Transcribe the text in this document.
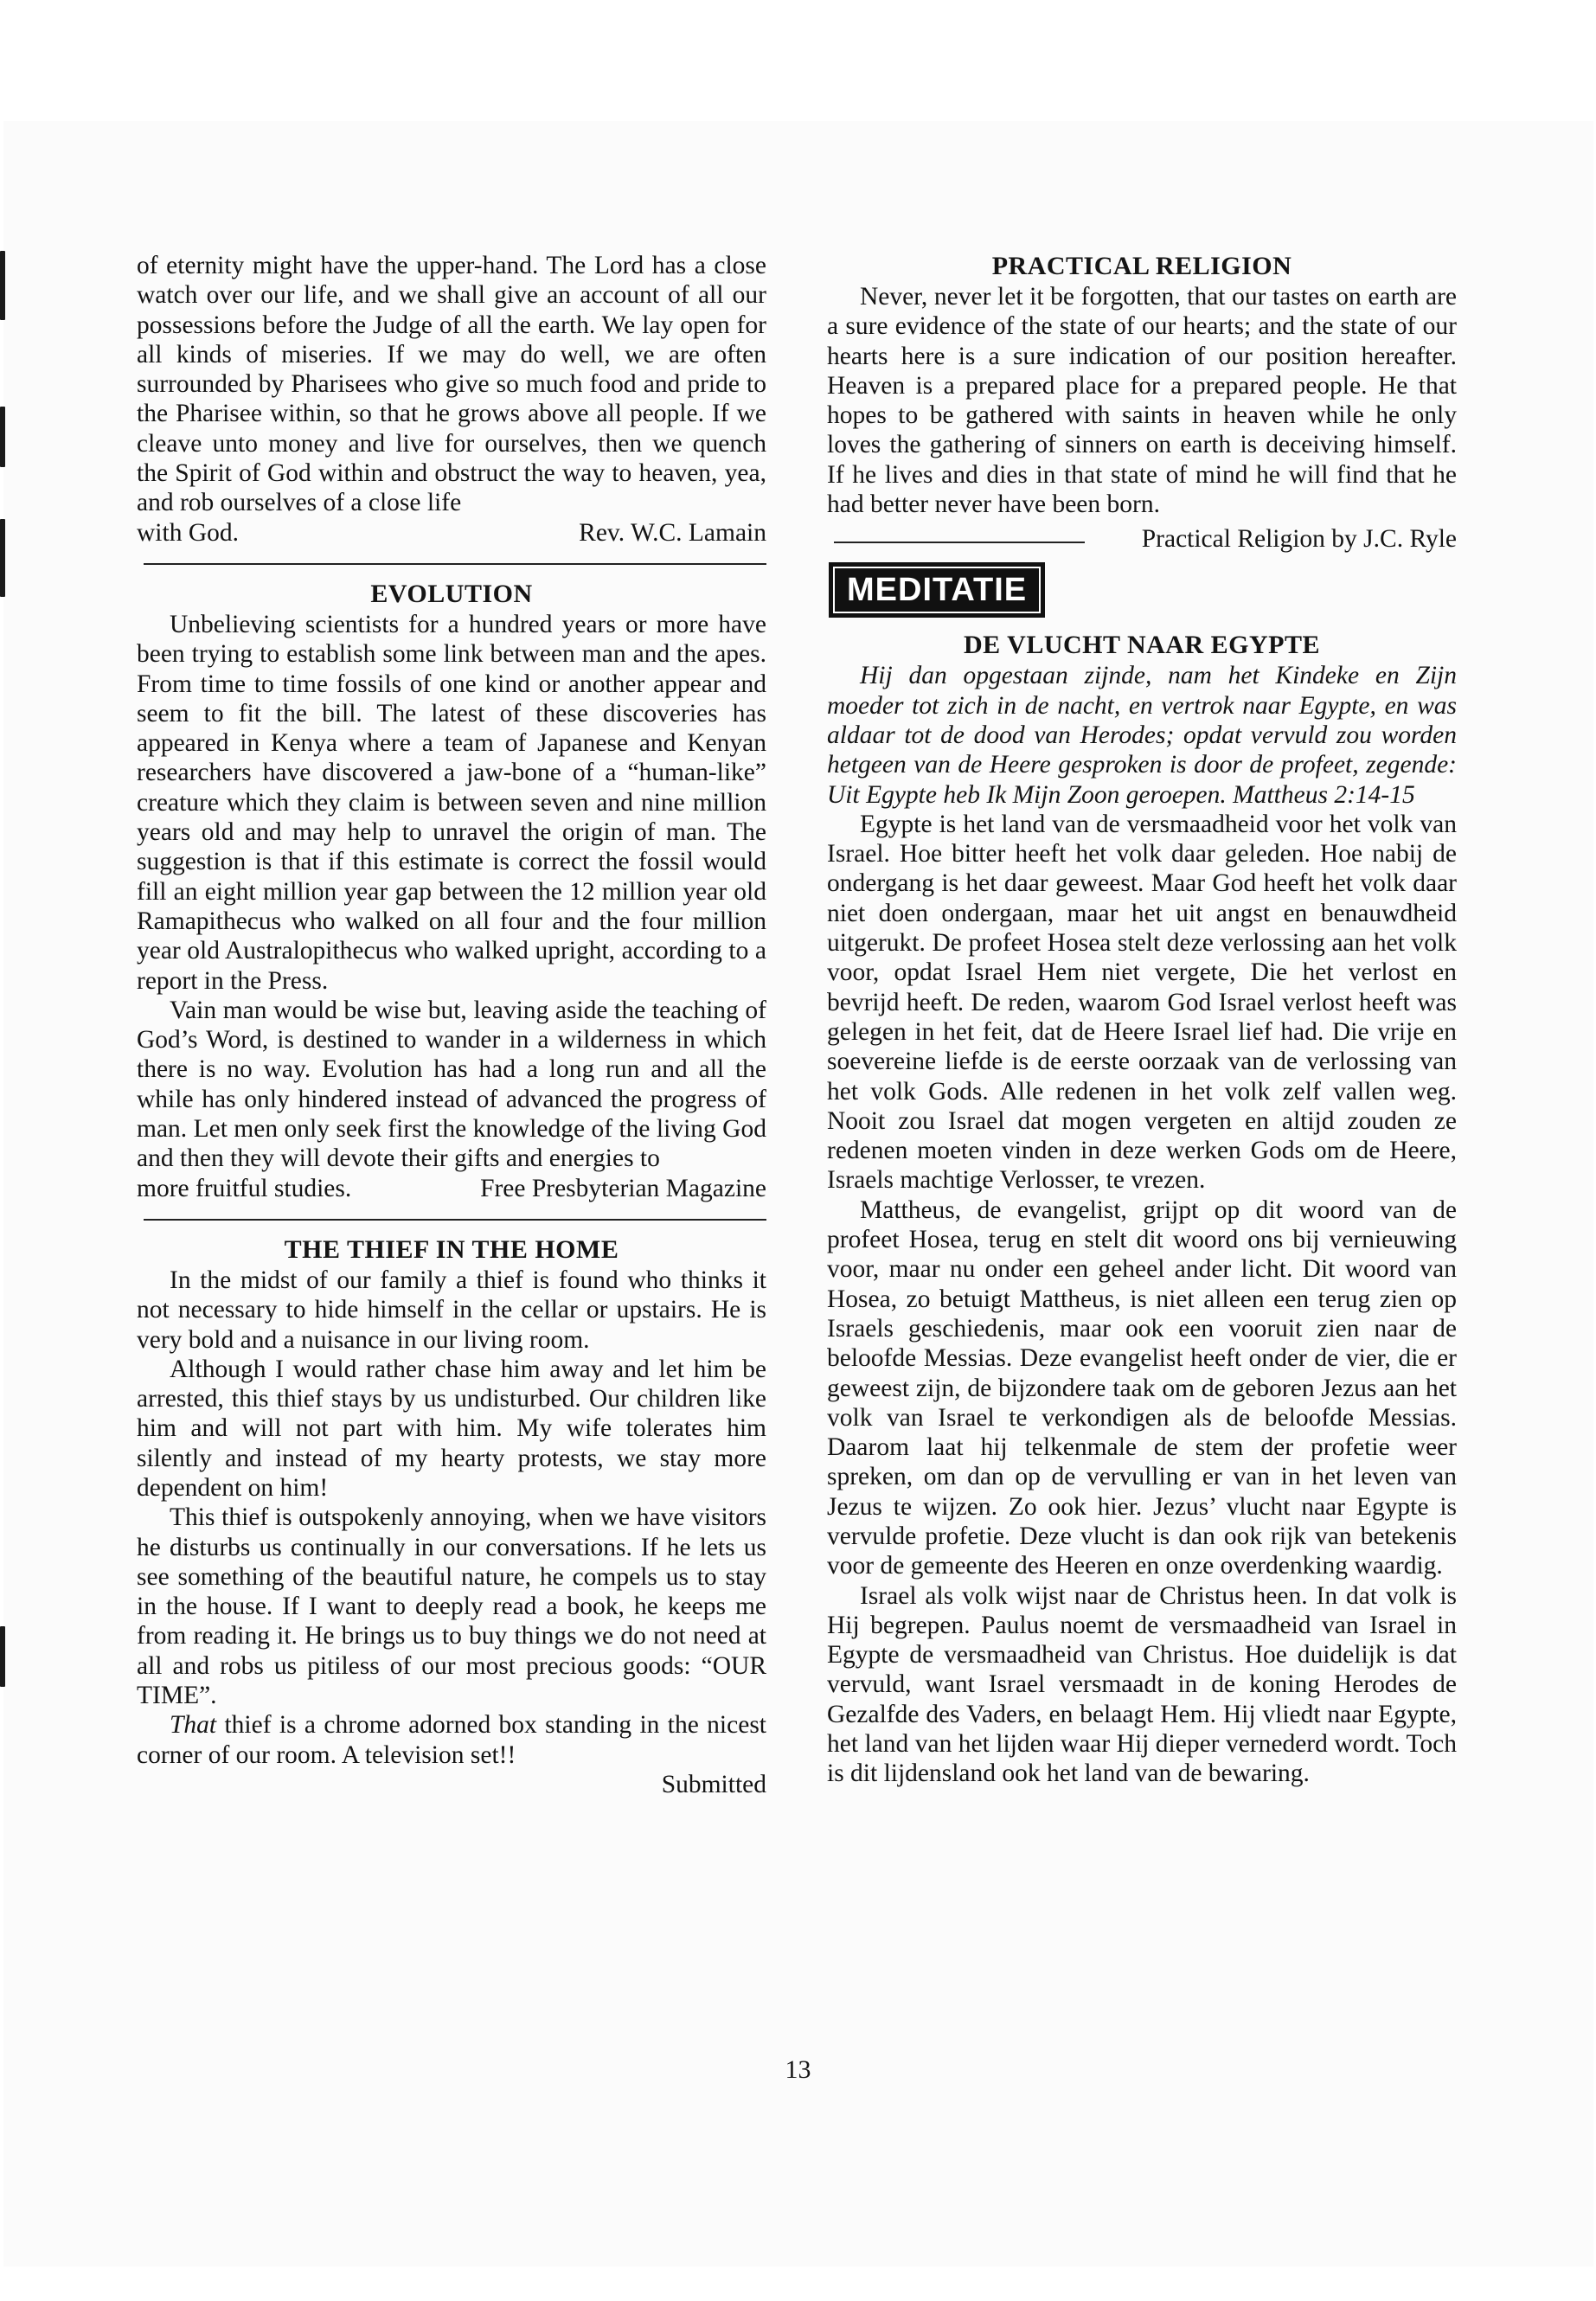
of eternity might have the upper-hand. The Lord has a close watch over our life, and we shall give an account of all our possessions before the Judge of all the earth. We lay open for all kinds of miseries. If we may do well, we are often surrounded by Pharisees who give so much food and pride to the Pharisee within, so that he grows above all people. If we cleave unto money and live for ourselves, then we quench the Spirit of God within and obstruct the way to heaven, yea, and rob ourselves of a close life

with God.	Rev. W.C. Lamain
EVOLUTION

Unbelieving scientists for a hundred years or more have been trying to establish some link between man and the apes. From time to time fossils of one kind or another appear and seem to fit the bill. The latest of these discoveries has appeared in Kenya where a team of Japanese and Kenyan researchers have discovered a jaw-bone of a “human-like” creature which they claim is between seven and nine million years old and may help to unravel the origin of man. The suggestion is that if this estimate is correct the fossil would fill an eight million year gap between the 12 million year old Ramapithecus who walked on all four and the four million year old Australopithecus who walked upright, according to a report in the Press.

Vain man would be wise but, leaving aside the teaching of God’s Word, is destined to wander in a wilderness in which there is no way. Evolution has had a long run and all the while has only hindered instead of advanced the progress of man. Let men only seek first the knowledge of the living God and then they will devote their gifts and energies to

more fruitful studies.	Free Presbyterian Magazine
THE THIEF IN THE HOME

In the midst of our family a thief is found who thinks it not necessary to hide himself in the cellar or upstairs. He is very bold and a nuisance in our living room.

Although I would rather chase him away and let him be arrested, this thief stays by us undisturbed. Our children like him and will not part with him. My wife tolerates him silently and instead of my hearty protests, we stay more dependent on him!

This thief is outspokenly annoying, when we have visitors he disturbs us continually in our conversations. If he lets us see something of the beautiful nature, he compels us to stay in the house. If I want to deeply read a book, he keeps me from reading it. He brings us to buy things we do not need at all and robs us pitiless of our most precious goods: “OUR TIME”.

That thief is a chrome adorned box standing in the nicest corner of our room. A television set!!

Submitted

PRACTICAL RELIGION

Never, never let it be forgotten, that our tastes on earth are a sure evidence of the state of our hearts; and the state of our hearts here is a sure indication of our position hereafter. Heaven is a prepared place for a prepared people. He that hopes to be gathered with saints in heaven while he only loves the gathering of sinners on earth is deceiving himself. If he lives and dies in that state of mind he will find that he had better never have been born.

Practical Religion by J.C. Ryle
MEDITATIE
DE VLUCHT NAAR EGYPTE

Hij dan opgestaan zijnde, nam het Kindeke en Zijn moeder tot zich in de nacht, en vertrok naar Egypte, en was aldaar tot de dood van Herodes; opdat vervuld zou worden hetgeen van de Heere gesproken is door de profeet, zegende: Uit Egypte heb Ik Mijn Zoon geroepen. Mattheus 2:14-15

Egypte is het land van de versmaadheid voor het volk van Israel. Hoe bitter heeft het volk daar geleden. Hoe nabij de ondergang is het daar geweest. Maar God heeft het volk daar niet doen ondergaan, maar het uit angst en benauwdheid uitgerukt. De profeet Hosea stelt deze verlossing aan het volk voor, opdat Israel Hem niet vergete, Die het verlost en bevrijd heeft. De reden, waarom God Israel verlost heeft was gelegen in het feit, dat de Heere Israel lief had. Die vrije en soevereine liefde is de eerste oorzaak van de verlossing van het volk Gods. Alle redenen in het volk zelf vallen weg. Nooit zou Israel dat mogen vergeten en altijd zouden ze redenen moeten vinden in deze werken Gods om de Heere, Israels machtige Verlosser, te vrezen.

Mattheus, de evangelist, grijpt op dit woord van de profeet Hosea, terug en stelt dit woord ons bij vernieuwing voor, maar nu onder een geheel ander licht. Dit woord van Hosea, zo betuigt Mattheus, is niet alleen een terug zien op Israels geschiedenis, maar ook een vooruit zien naar de beloofde Messias. Deze evangelist heeft onder de vier, die er geweest zijn, de bijzondere taak om de geboren Jezus aan het volk van Israel te verkondigen als de beloofde Messias. Daarom laat hij telkenmale de stem der profetie weer spreken, om dan op de vervulling er van in het leven van Jezus te wijzen. Zo ook hier. Jezus’ vlucht naar Egypte is vervulde profetie. Deze vlucht is dan ook rijk van betekenis voor de gemeente des Heeren en onze overdenking waardig.

Israel als volk wijst naar de Christus heen. In dat volk is Hij begrepen. Paulus noemt de versmaadheid van Israel in Egypte de versmaadheid van Christus. Hoe duidelijk is dat vervuld, want Israel versmaadt in de koning Herodes de Gezalfde des Vaders, en belaagt Hem. Hij vliedt naar Egypte, het land van het lijden waar Hij dieper vernederd wordt. Toch is dit lijdensland ook het land van de bewaring.

13
